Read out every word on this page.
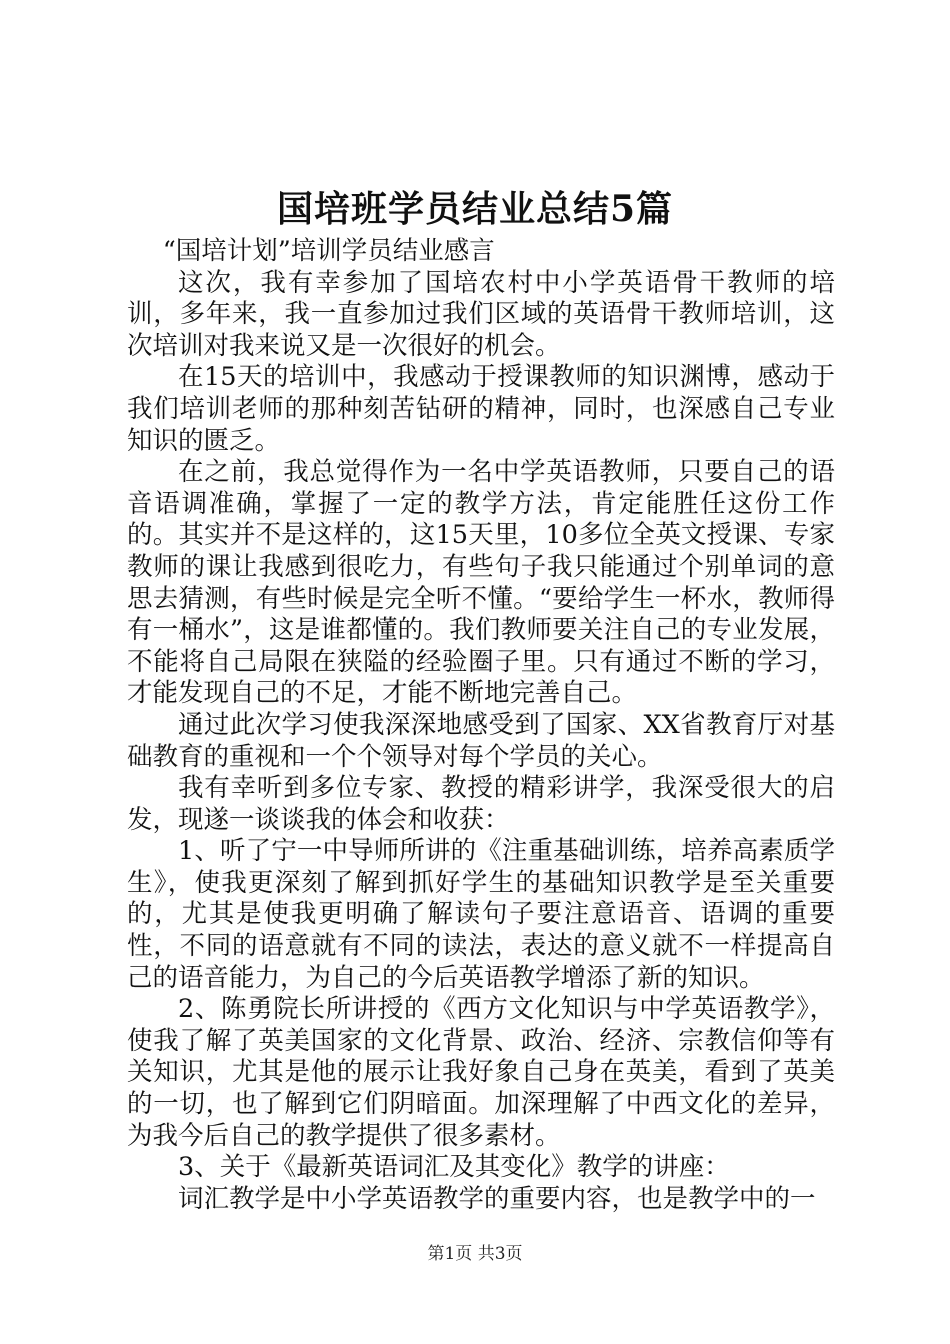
国培班学员结业总结5篇

“国培计划”培训学员结业感言

这次，我有幸参加了国培农村中小学英语骨干教师的培训，多年来，我一直参加过我们区域的英语骨干教师培训，这次培训对我来说又是一次很好的机会。

在15天的培训中，我感动于授课教师的知识渊博，感动于我们培训老师的那种刻苦钻研的精神，同时，也深感自己专业知识的匮乏。

在之前，我总觉得作为一名中学英语教师，只要自己的语音语调准确，掌握了一定的教学方法，肯定能胜任这份工作的。其实并不是这样的，这15天里，10多位全英文授课、专家教师的课让我感到很吃力，有些句子我只能通过个别单词的意思去猜测，有些时候是完全听不懂。“要给学生一杯水，教师得有一桶水”，这是谁都懂的。我们教师要关注自己的专业发展，不能将自己局限在狭隘的经验圈子里。只有通过不断的学习，才能发现自己的不足，才能不断地完善自己。

通过此次学习使我深深地感受到了国家、XX省教育厅对基础教育的重视和一个个领导对每个学员的关心。

我有幸听到多位专家、教授的精彩讲学，我深受很大的启发，现遂一谈谈我的体会和收获：

1、听了宁一中导师所讲的《注重基础训练，培养高素质学生》，使我更深刻了解到抓好学生的基础知识教学是至关重要的，尤其是使我更明确了解读句子要注意语音、语调的重要性，不同的语意就有不同的读法，表达的意义就不一样提高自己的语音能力，为自己的今后英语教学增添了新的知识。

2、陈勇院长所讲授的《西方文化知识与中学英语教学》，使我了解了英美国家的文化背景、政治、经济、宗教信仰等有关知识，尤其是他的展示让我好象自己身在英美，看到了英美的一切，也了解到它们阴暗面。加深理解了中西文化的差异，为我今后自己的教学提供了很多素材。

3、关于《最新英语词汇及其变化》教学的讲座：

词汇教学是中小学英语教学的重要内容，也是教学中的一

第1页 共3页
